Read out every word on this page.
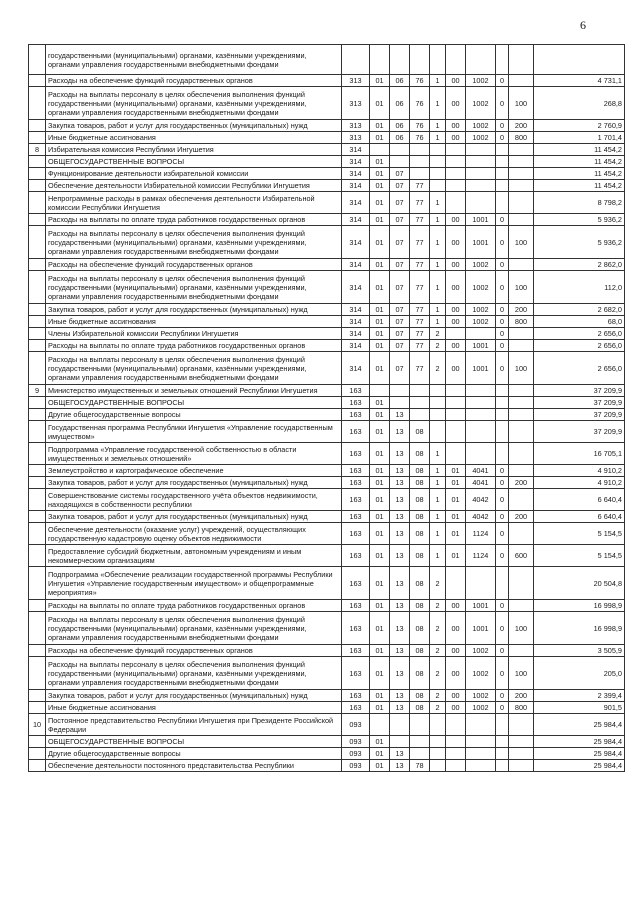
6
	государственными (муниципальными) органами, казёнными учреждениями, органами управления государственными внебюджетными фондами										
	Расходы на обеспечение функций государственных органов	313	01	06	76	1	00	1002	0		4 731,1
	Расходы на выплаты персоналу в целях обеспечения выполнения функций государственными (муниципальными) органами, казёнными учреждениями, органами управления государственными внебюджетными фондами	313	01	06	76	1	00	1002	0	100	268,8
	Закупка товаров, работ и услуг для государственных (муниципальных) нужд	313	01	06	76	1	00	1002	0	200	2 760,9
	Иные бюджетные ассигнования	313	01	06	76	1	00	1002	0	800	1 701,4
8	Избирательная комиссия Республики Ингушетия	314									11 454,2
	ОБЩЕГОСУДАРСТВЕННЫЕ ВОПРОСЫ	314	01								11 454,2
	Функционирование деятельности избирательной комиссии	314	01	07							11 454,2
	Обеспечение деятельности Избирательной комиссии Республики Ингушетия	314	01	07	77						11 454,2
	Непрограммные расходы в рамках обеспечения деятельности Избирательной комиссии Республики Ингушетия	314	01	07	77	1					8 798,2
	Расходы на выплаты по оплате труда работников государственных органов	314	01	07	77	1	00	1001	0		5 936,2
	Расходы на выплаты персоналу в целях обеспечения выполнения функций государственными (муниципальными) органами, казёнными учреждениями, органами управления государственными внебюджетными фондами	314	01	07	77	1	00	1001	0	100	5 936,2
	Расходы на обеспечение функций государственных органов	314	01	07	77	1	00	1002	0		2 862,0
	Расходы на выплаты персоналу в целях обеспечения выполнения функций государственными (муниципальными) органами, казёнными учреждениями, органами управления государственными внебюджетными фондами	314	01	07	77	1	00	1002	0	100	112,0
	Закупка товаров, работ и услуг для государственных (муниципальных) нужд	314	01	07	77	1	00	1002	0	200	2 682,0
	Иные бюджетные ассигнования	314	01	07	77	1	00	1002	0	800	68,0
	Члены Избирательной комиссии Республики Ингушетия	314	01	07	77	2			0		2 656,0
	Расходы на выплаты по оплате труда работников государственных органов	314	01	07	77	2	00	1001	0		2 656,0
	Расходы на выплаты персоналу в целях обеспечения выполнения функций государственными (муниципальными) органами, казёнными учреждениями, органами управления государственными внебюджетными фондами	314	01	07	77	2	00	1001	0	100	2 656,0
9	Министерство имущественных и земельных отношений Республики Ингушетия	163									37 209,9
	ОБЩЕГОСУДАРСТВЕННЫЕ ВОПРОСЫ	163	01								37 209,9
	Другие общегосударственные вопросы	163	01	13							37 209,9
	Государственная программа Республики Ингушетия «Управление государственным имуществом»	163	01	13	08						37 209,9
	Подпрограмма «Управление государственной собственностью в области имущественных и земельных отношений»	163	01	13	08	1					16 705,1
	Землеустройство и картографическое обеспечение	163	01	13	08	1	01	4041	0		4 910,2
	Закупка товаров, работ и услуг для государственных (муниципальных) нужд	163	01	13	08	1	01	4041	0	200	4 910,2
	Совершенствование системы государственного учёта объектов недвижимости, находящихся в собственности республики	163	01	13	08	1	01	4042	0		6 640,4
	Закупка товаров, работ и услуг для государственных (муниципальных) нужд	163	01	13	08	1	01	4042	0	200	6 640,4
	Обеспечение деятельности (оказание услуг) учреждений, осуществляющих государственную кадастровую оценку объектов недвижимости	163	01	13	08	1	01	1124	0		5 154,5
	Предоставление субсидий бюджетным, автономным учреждениям и иным некоммерческим организациям	163	01	13	08	1	01	1124	0	600	5 154,5
	Подпрограмма «Обеспечение реализации государственной программы Республики Ингушетия «Управление государственным имуществом» и общепрограммные мероприятия»	163	01	13	08	2					20 504,8
	Расходы на выплаты по оплате труда работников государственных органов	163	01	13	08	2	00	1001	0		16 998,9
	Расходы на выплаты персоналу в целях обеспечения выполнения функций государственными (муниципальными) органами, казёнными учреждениями, органами управления государственными внебюджетными фондами	163	01	13	08	2	00	1001	0	100	16 998,9
	Расходы на обеспечение функций государственных органов	163	01	13	08	2	00	1002	0		3 505,9
	Расходы на выплаты персоналу в целях обеспечения выполнения функций государственными (муниципальными) органами, казёнными учреждениями, органами управления государственными внебюджетными фондами	163	01	13	08	2	00	1002	0	100	205,0
	Закупка товаров, работ и услуг для государственных (муниципальных) нужд	163	01	13	08	2	00	1002	0	200	2 399,4
	Иные бюджетные ассигнования	163	01	13	08	2	00	1002	0	800	901,5
10	Постоянное представительство Республики Ингушетия при Президенте Российской Федерации	093									25 984,4
	ОБЩЕГОСУДАРСТВЕННЫЕ ВОПРОСЫ	093	01								25 984,4
	Другие общегосударственные вопросы	093	01	13							25 984,4
	Обеспечение деятельности постоянного представительства Республики	093	01	13	78						25 984,4
